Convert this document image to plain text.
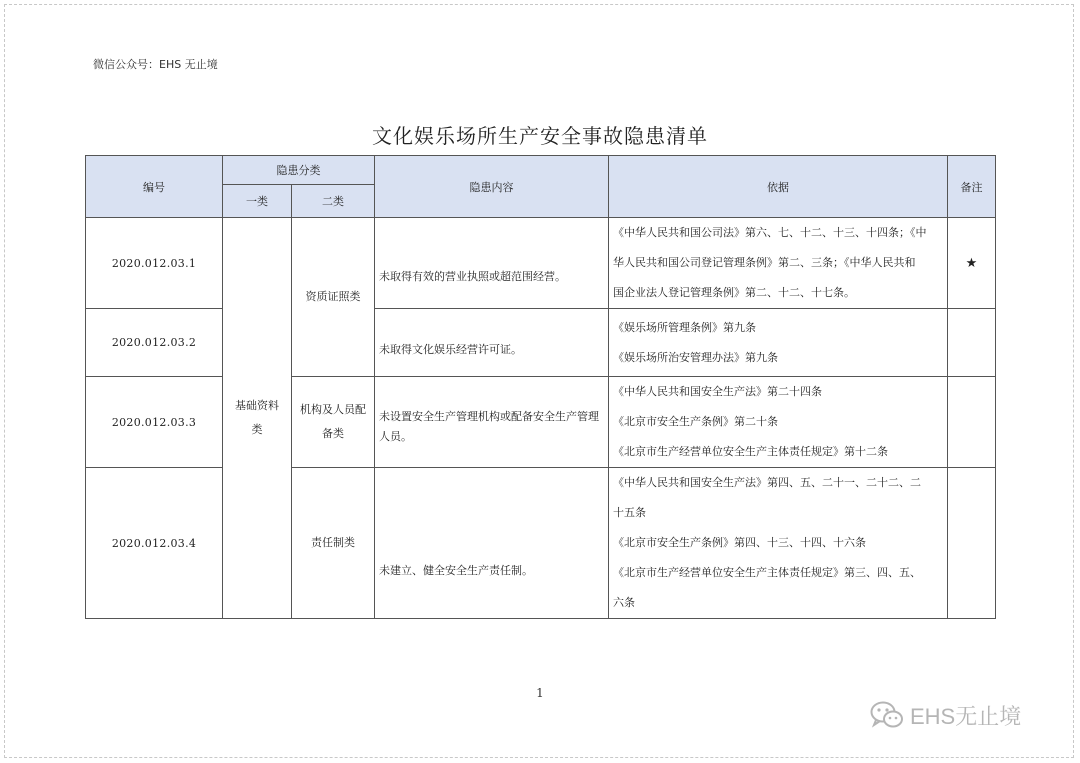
微信公众号：EHS 无止境
文化娱乐场所生产安全事故隐患清单
编号	隐患分类		隐患内容	依据	备注
	一类	二类			
2020.012.03.1	基础资料类	资质证照类	未取得有效的营业执照或超范围经营。	《中华人民共和国公司法》第六、七、十二、十三、十四条；《中
华人民共和国公司登记管理条例》第二、三条；《中华人民共和
国企业法人登记管理条例》第二、十二、十七条。	★
2020.012.03.2			未取得文化娱乐经营许可证。	《娱乐场所管理条例》第九条
《娱乐场所治安管理办法》第九条	

2020.012.03.3		机构及人员配备类	未设置安全生产管理机构或配备安全生产管理人员。	《中华人民共和国安全生产法》第二十四条
《北京市安全生产条例》第二十条
《北京市生产经营单位安全生产主体责任规定》第十二条	

2020.012.03.4		责任制类	未建立、健全安全生产责任制。	《中华人民共和国安全生产法》第四、五、二十一、二十二、二
十五条
《北京市安全生产条例》第四、十三、十四、十六条
《北京市生产经营单位安全生产主体责任规定》第三、四、五、
六条	

1
EHS无止境
